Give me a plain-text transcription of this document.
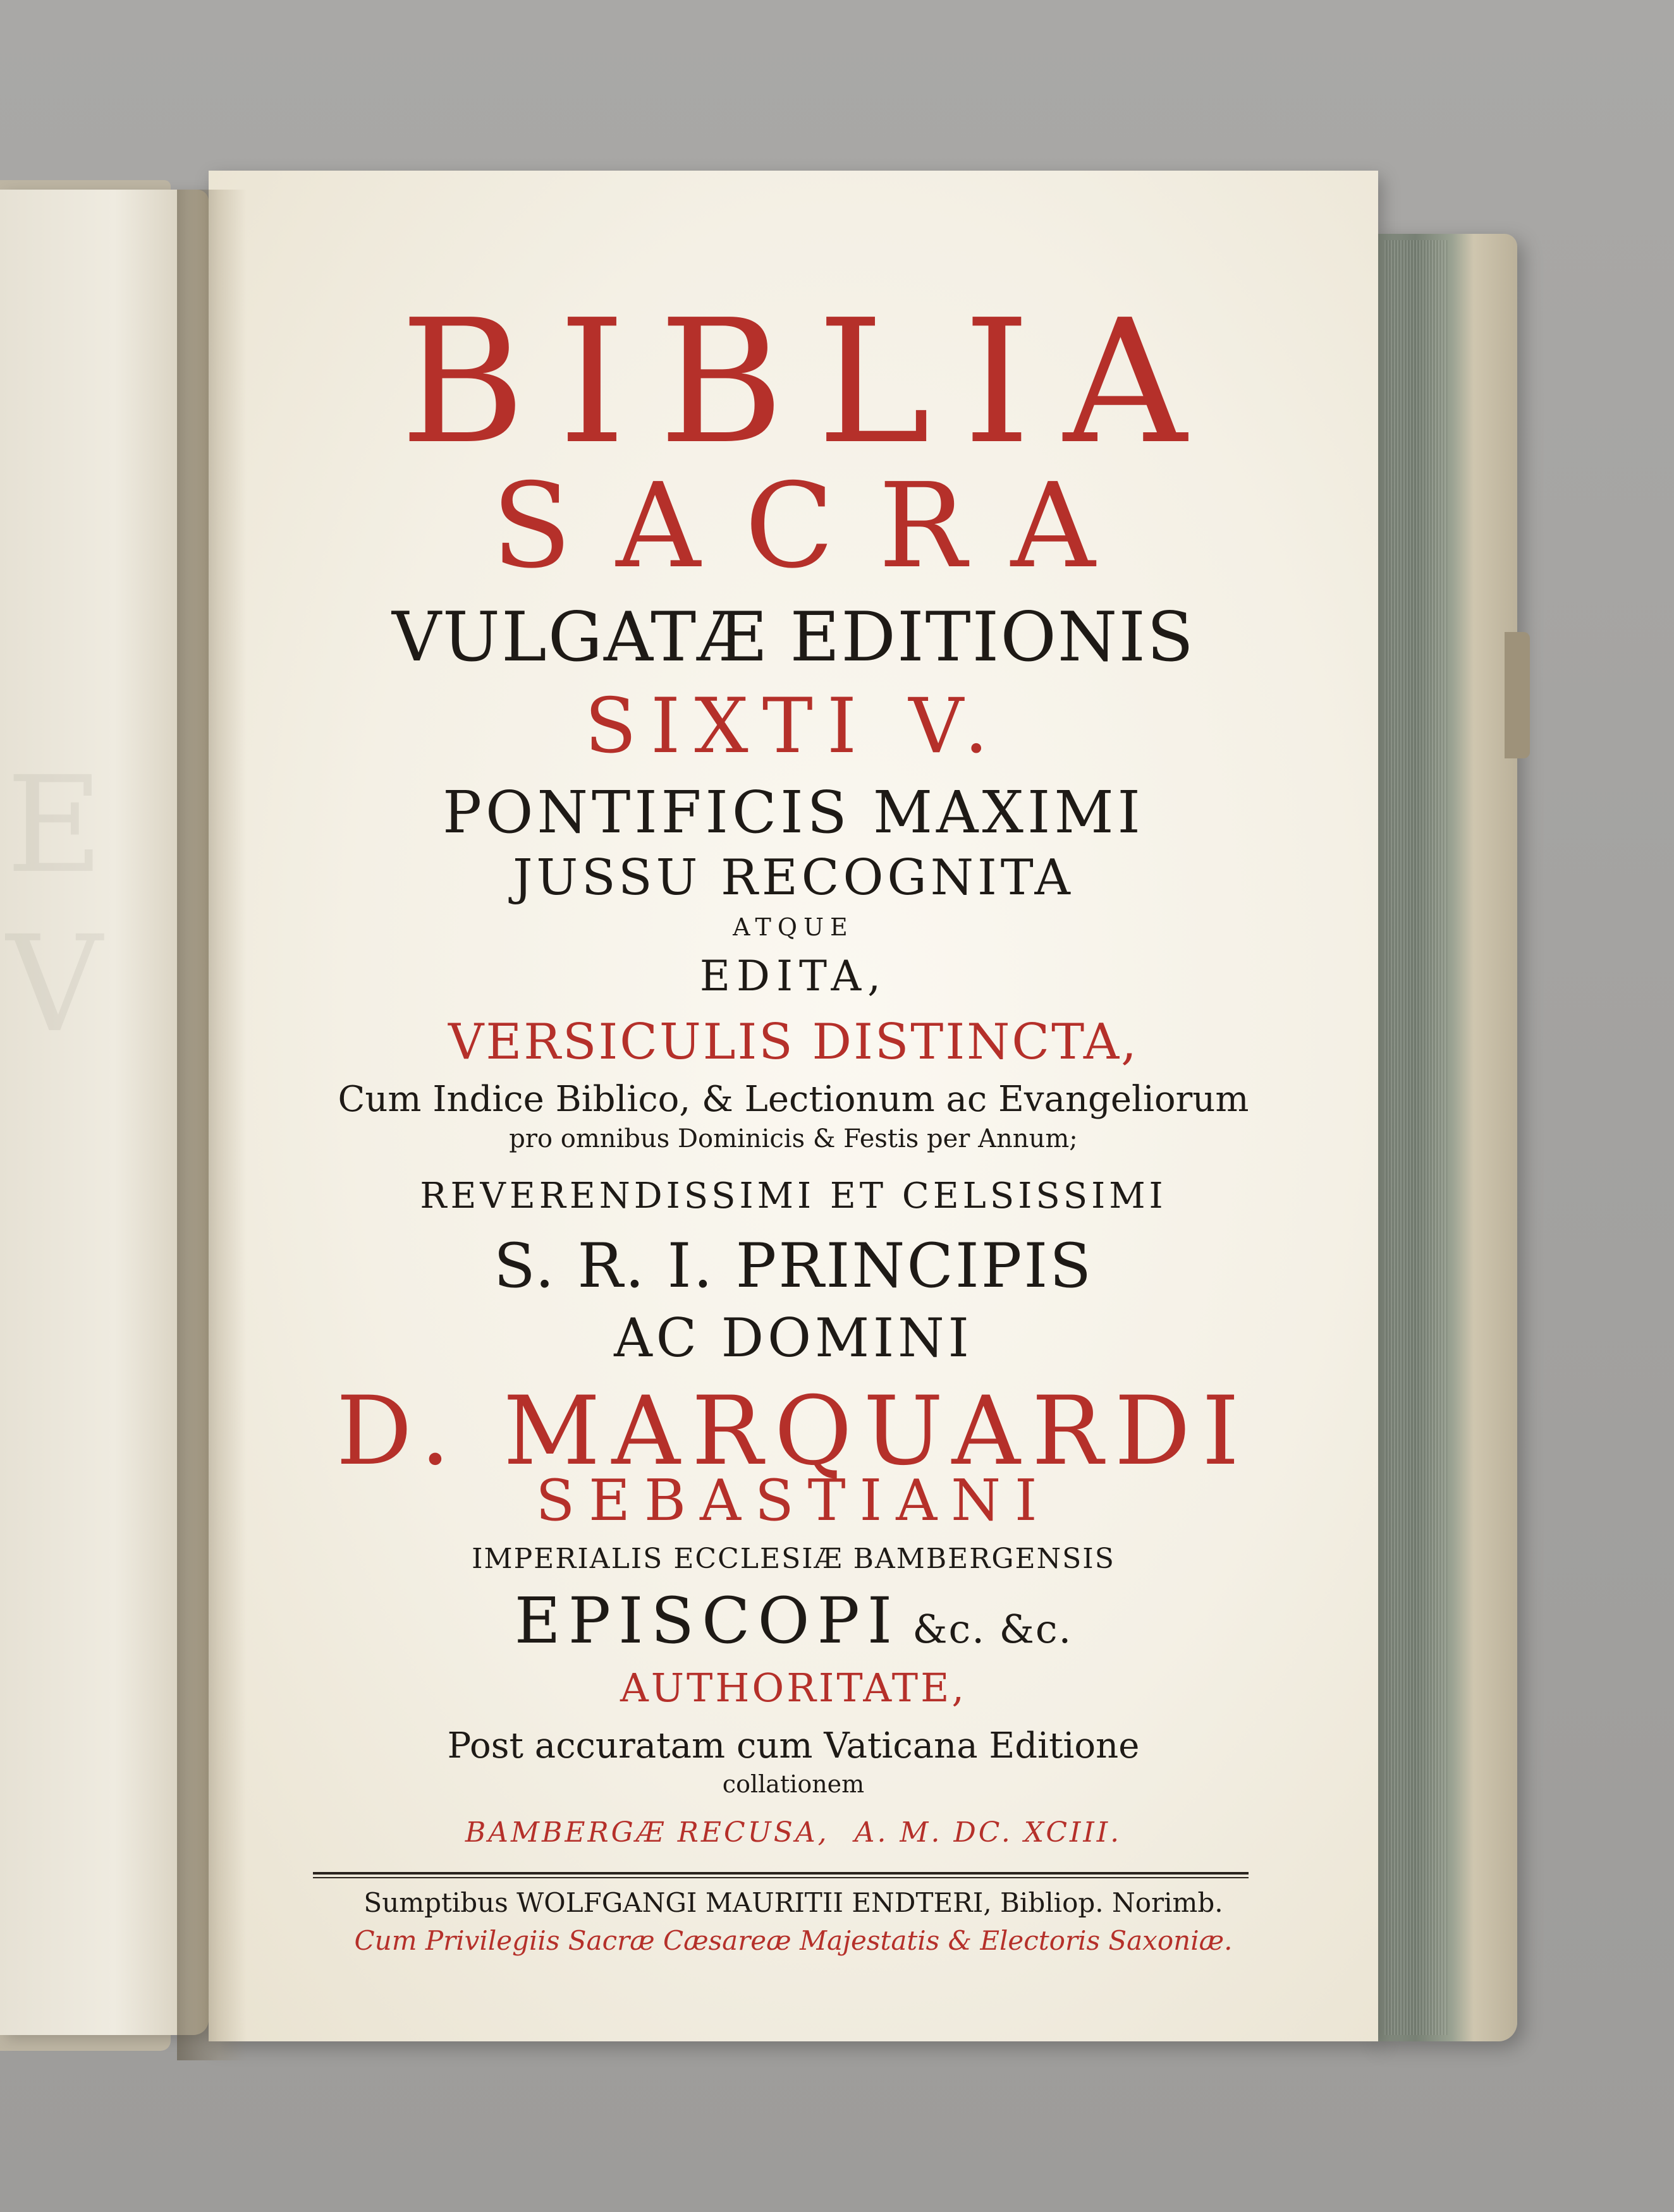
E
V
BIBLIA
SACRA
VULGATÆ EDITIONIS
SIXTI V.
PONTIFICIS MAXIMI
JUSSU RECOGNITA
ATQUE
EDITA,
VERSICULIS DISTINCTA,
Cum Indice Biblico, & Lectionum ac Evangeliorum
pro omnibus Dominicis & Festis per Annum;
REVERENDISSIMI ET CELSISSIMI
S. R. I. PRINCIPIS
AC DOMINI
D. MARQUARDI
SEBASTIANI
IMPERIALIS ECCLESIÆ BAMBERGENSIS
EPISCOPI &c. &c.
AUTHORITATE,
Post accuratam cum Vaticana Editione
collationem
BAMBERGÆ RECUSA, A. M. DC. XCIII.
Sumptibus WOLFGANGI MAURITII ENDTERI, Bibliop. Norimb.
Cum Privilegiis Sacræ Cæsareæ Majestatis & Electoris Saxoniæ.
